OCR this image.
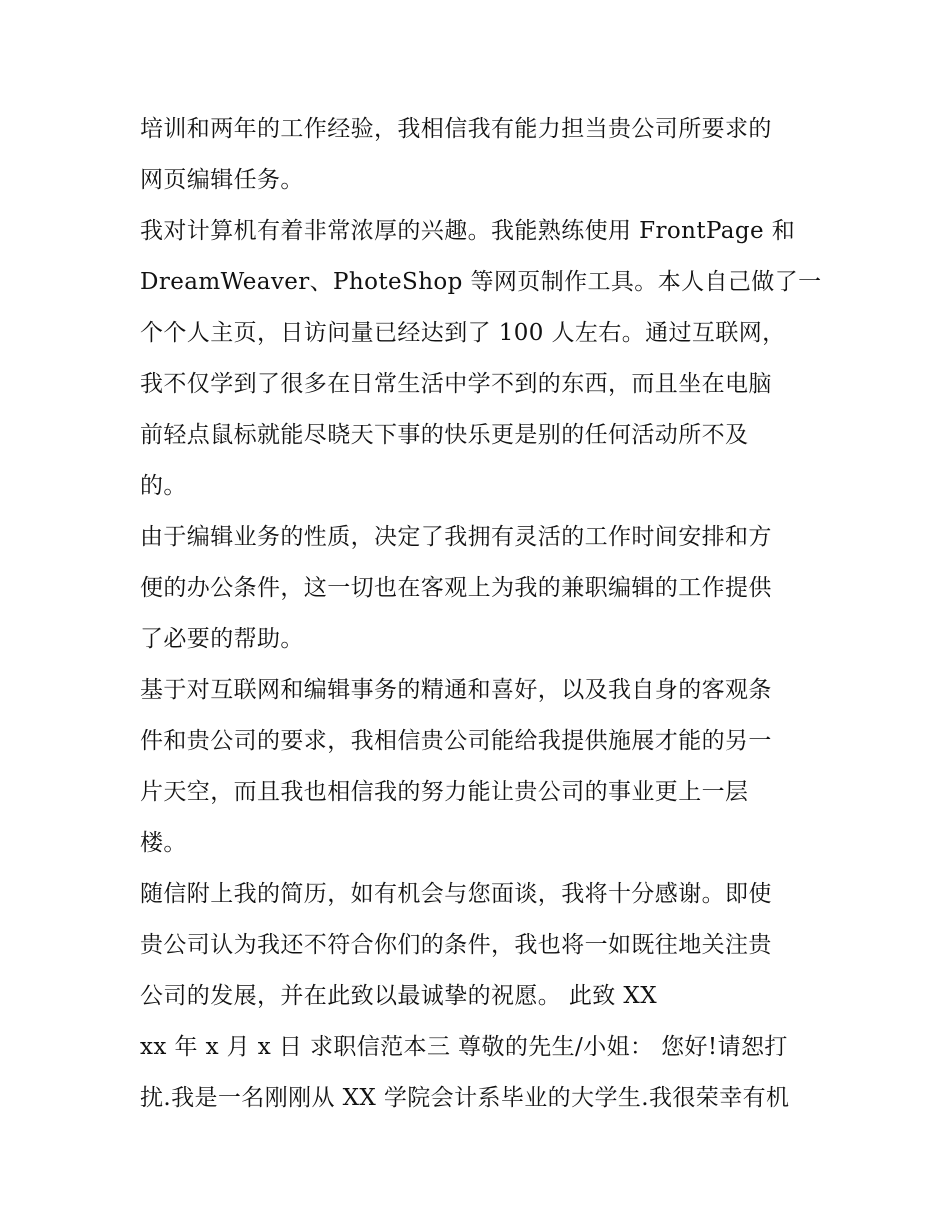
培训和两年的工作经验，我相信我有能力担当贵公司所要求的
网页编辑任务。
我对计算机有着非常浓厚的兴趣。我能熟练使用 FrontPage 和
DreamWeaver、PhoteShop 等网页制作工具。本人自己做了一
个个人主页，日访问量已经达到了 100 人左右。通过互联网，
我不仅学到了很多在日常生活中学不到的东西，而且坐在电脑
前轻点鼠标就能尽晓天下事的快乐更是别的任何活动所不及
的。
由于编辑业务的性质，决定了我拥有灵活的工作时间安排和方
便的办公条件，这一切也在客观上为我的兼职编辑的工作提供
了必要的帮助。
基于对互联网和编辑事务的精通和喜好，以及我自身的客观条
件和贵公司的要求，我相信贵公司能给我提供施展才能的另一
片天空，而且我也相信我的努力能让贵公司的事业更上一层
楼。
随信附上我的简历，如有机会与您面谈，我将十分感谢。即使
贵公司认为我还不符合你们的条件，我也将一如既往地关注贵
公司的发展，并在此致以最诚挚的祝愿。 此致 XX
xx 年 x 月 x 日 求职信范本三 尊敬的先生/小姐： 您好!请恕打
扰.我是一名刚刚从 XX 学院会计系毕业的大学生.我很荣幸有机
